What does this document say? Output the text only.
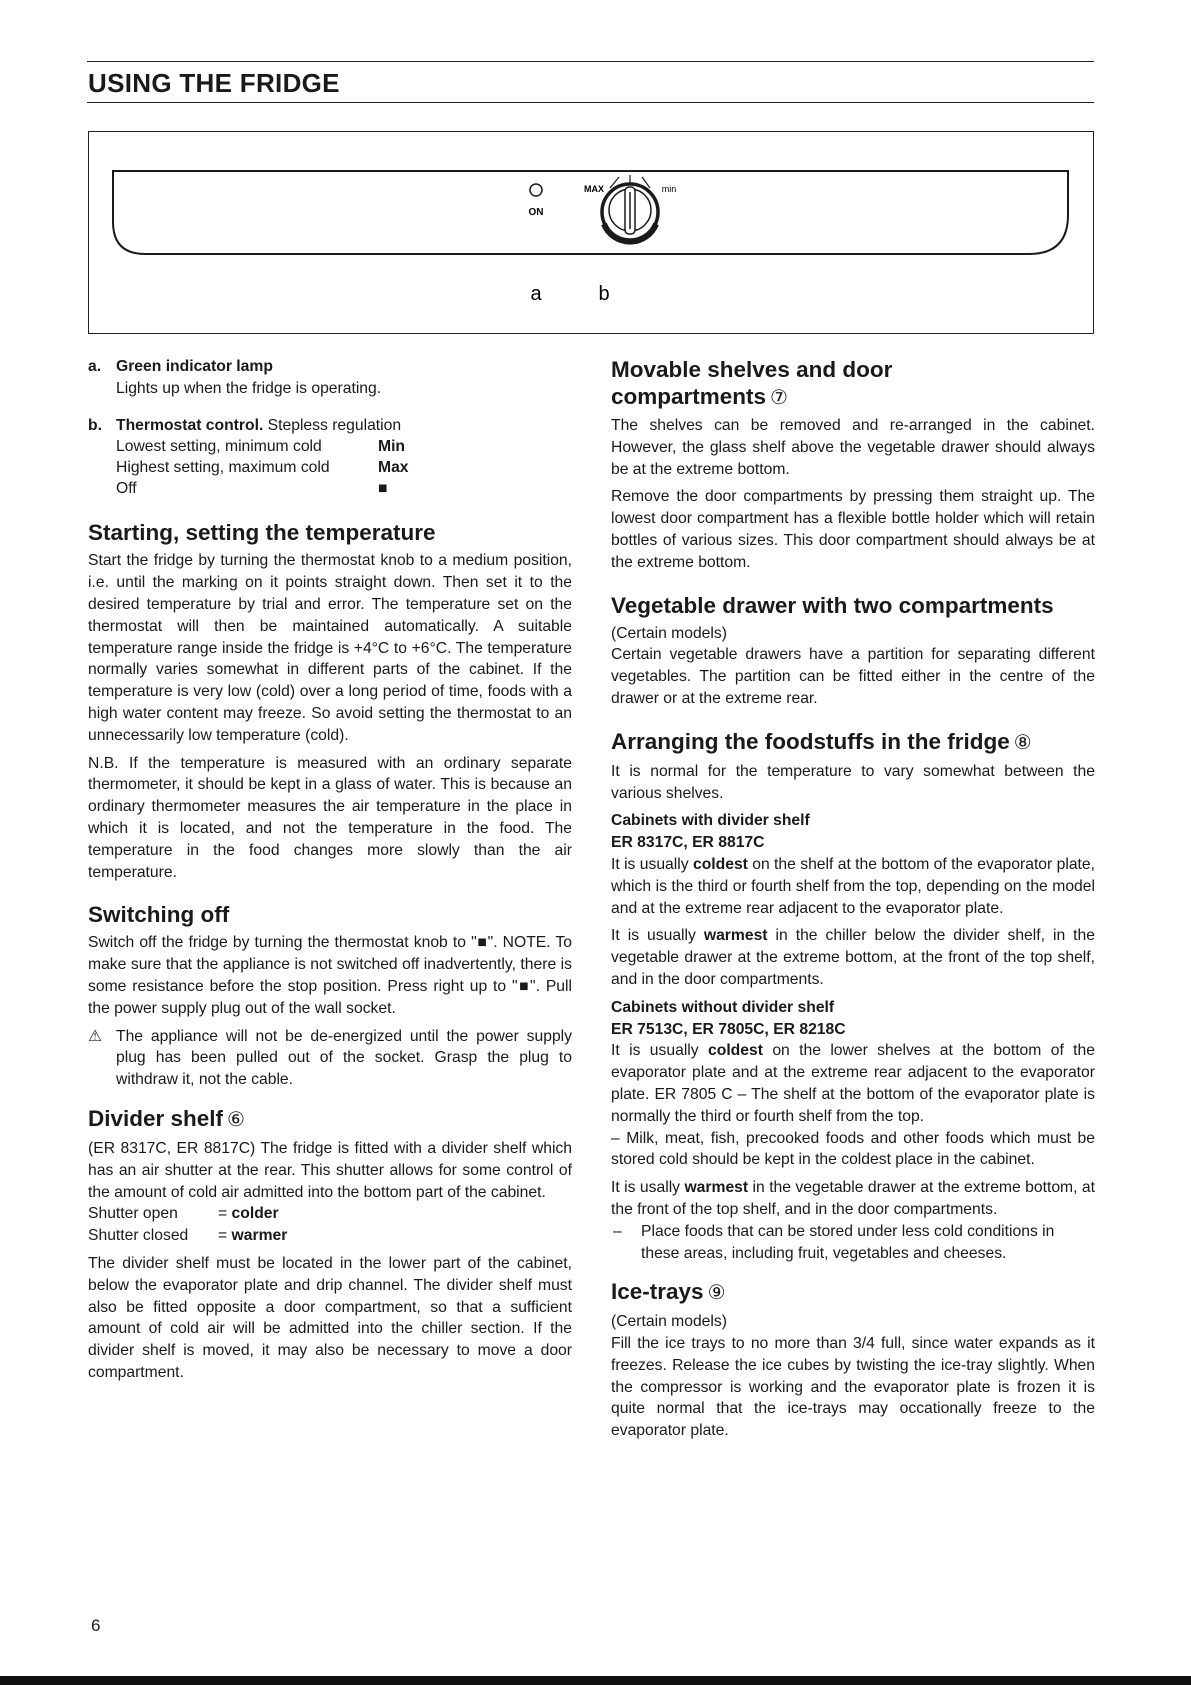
USING THE FRIDGE
ON
MAX	min
a	b

a. Green indicator lamp

Lights up when the fridge is operating.

b. Thermostat control. Stepless regulation

Lowest setting, minimum cold	Min
Highest setting, maximum cold	Max
Off	■
Starting, setting the temperature

Start the fridge by turning the thermostat knob to a medium position, i.e. until the marking on it points straight down. Then set it to the desired temperature by trial and error. The temperature set on the thermostat will then be maintained automatically. A suitable temperature range inside the fridge is +4°C to +6°C. The temperature normally varies somewhat in different parts of the cabinet. If the temperature is very low (cold) over a long period of time, foods with a high water content may freeze. So avoid setting the thermostat to an unnecessarily low temperature (cold).

N.B. If the temperature is measured with an ordinary separate thermometer, it should be kept in a glass of water. This is because an ordinary thermometer measures the air temperature in the place in which it is located, and not the temperature in the food. The temperature in the food changes more slowly than the air temperature.

Switching off

Switch off the fridge by turning the thermostat knob to "■". NOTE. To make sure that the appliance is not switched off inadvertently, there is some resistance before the stop position. Press right up to "■". Pull the power supply plug out of the wall socket.

⚠ The appliance will not be de-energized until the power supply plug has been pulled out of the socket. Grasp the plug to withdraw it, not the cable.
Divider shelf ⑥

(ER 8317C, ER 8817C) The fridge is fitted with a divider shelf which has an air shutter at the rear. This shutter allows for some control of the amount of cold air admitted into the bottom part of the cabinet.

Shutter open	= colder
Shutter closed	= warmer

The divider shelf must be located in the lower part of the cabinet, below the evaporator plate and drip channel. The divider shelf must also be fitted opposite a door compartment, so that a sufficient amount of cold air will be admitted into the chiller section. If the divider shelf is moved, it may also be necessary to move a door compartment.

Movable shelves and door
compartments ⑦

The shelves can be removed and re-arranged in the cabinet. However, the glass shelf above the vegetable drawer should always be at the extreme bottom.

Remove the door compartments by pressing them straight up. The lowest door compartment has a flexible bottle holder which will retain bottles of various sizes. This door compartment should always be at the extreme bottom.

Vegetable drawer with two compartments

(Certain models)

Certain vegetable drawers have a partition for separating different vegetables. The partition can be fitted either in the centre of the drawer or at the extreme rear.

Arranging the foodstuffs in the fridge ⑧

It is normal for the temperature to vary somewhat between the various shelves.

Cabinets with divider shelf

ER 8317C, ER 8817C

It is usually coldest on the shelf at the bottom of the evaporator plate, which is the third or fourth shelf from the top, depending on the model and at the extreme rear adjacent to the evaporator plate.

It is usually warmest in the chiller below the divider shelf, in the vegetable drawer at the extreme bottom, at the front of the top shelf, and in the door compartments.

Cabinets without divider shelf

ER 7513C, ER 7805C, ER 8218C

It is usually coldest on the lower shelves at the bottom of the evaporator plate and at the extreme rear adjacent to the evaporator plate. ER 7805 C – The shelf at the bottom of the evaporator plate is normally the third or fourth shelf from the top.

– Milk, meat, fish, precooked foods and other foods which must be stored cold should be kept in the coldest place in the cabinet.

It is usally warmest in the vegetable drawer at the extreme bottom, at the front of the top shelf, and in the door compartments.

–	Place foods that can be stored under less cold conditions in these areas, including fruit, vegetables and cheeses.
Ice-trays ⑨

(Certain models)

Fill the ice trays to no more than 3/4 full, since water expands as it freezes. Release the ice cubes by twisting the ice-tray slightly. When the compressor is working and the evaporator plate is frozen it is quite normal that the ice-trays may occationally freeze to the evaporator plate.

6
